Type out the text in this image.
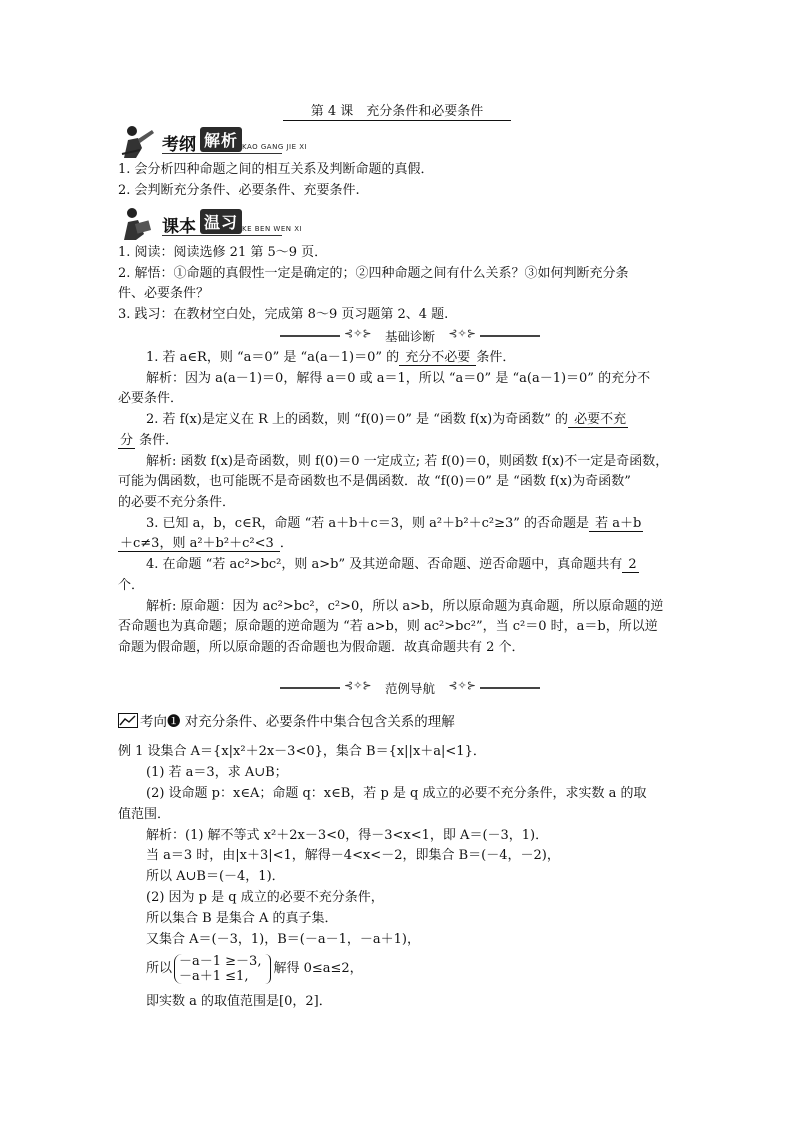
第 4 课　充分条件和必要条件
考纲 解析 KAO GANG JIE XI
1. 会分析四种命题之间的相互关系及判断命题的真假．
2. 会判断充分条件、必要条件、充要条件.
课本 温习 KE BEN WEN XI
1. 阅读：阅读选修 21 第 5～9 页．
2. 解悟：①命题的真假性一定是确定的；②四种命题之间有什么关系？③如何判断充分条
件、必要条件？
3. 践习：在教材空白处，完成第 8～9 页习题第 2、4 题.
⊰✧⊱ 基础诊断 ⊰✧⊱
1. 若 a∈R，则 “a＝0” 是 “a(a－1)＝0” 的 充分不必要 条件．
解析：因为 a(a－1)＝0，解得 a＝0 或 a＝1，所以 “a＝0” 是 “a(a－1)＝0” 的充分不
必要条件．
2. 若 f(x)是定义在 R 上的函数，则 “f(0)＝0” 是 “函数 f(x)为奇函数” 的 必要不充
分 条件．
解析: 函数 f(x)是奇函数，则 f(0)＝0 一定成立; 若 f(0)＝0，则函数 f(x)不一定是奇函数，
可能为偶函数，也可能既不是奇函数也不是偶函数．故 “f(0)＝0” 是 “函数 f(x)为奇函数”
的必要不充分条件．
3. 已知 a，b，c∈R，命题 “若 a＋b＋c＝3，则 a²＋b²＋c²≥3” 的否命题是 若 a＋b
＋c≠3，则 a²＋b²＋c²<3 ．
4. 在命题 “若 ac²>bc²，则 a>b” 及其逆命题、否命题、逆否命题中，真命题共有 2
个．
解析: 原命题：因为 ac²>bc²，c²>0，所以 a>b，所以原命题为真命题，所以原命题的逆
否命题也为真命题；原命题的逆命题为 “若 a>b，则 ac²>bc²”，当 c²＝0 时，a＝b，所以逆
命题为假命题，所以原命题的否命题也为假命题．故真命题共有 2 个．
⊰✧⊱ 范例导航 ⊰✧⊱
考向❶ 对充分条件、必要条件中集合包含关系的理解
例 1 设集合 A＝{x|x²＋2x－3<0}，集合 B＝{x||x＋a|<1}．
(1) 若 a＝3，求 A∪B；
(2) 设命题 p：x∈A；命题 q：x∈B，若 p 是 q 成立的必要不充分条件，求实数 a 的取
值范围．
解析：(1) 解不等式 x²＋2x－3<0，得－3<x<1，即 A＝(－3，1)．
当 a＝3 时，由|x＋3|<1，解得－4<x<－2，即集合 B＝(－4，－2)，
所以 A∪B＝(－4，1)．
(2) 因为 p 是 q 成立的必要不充分条件，
所以集合 B 是集合 A 的真子集．
又集合 A＝(－3，1)，B＝(－a－1，－a＋1)，
所以 －a－1 ≥－3,
－a＋1 ≤1,
解得 0≤a≤2，
即实数 a 的取值范围是[0，2]．
